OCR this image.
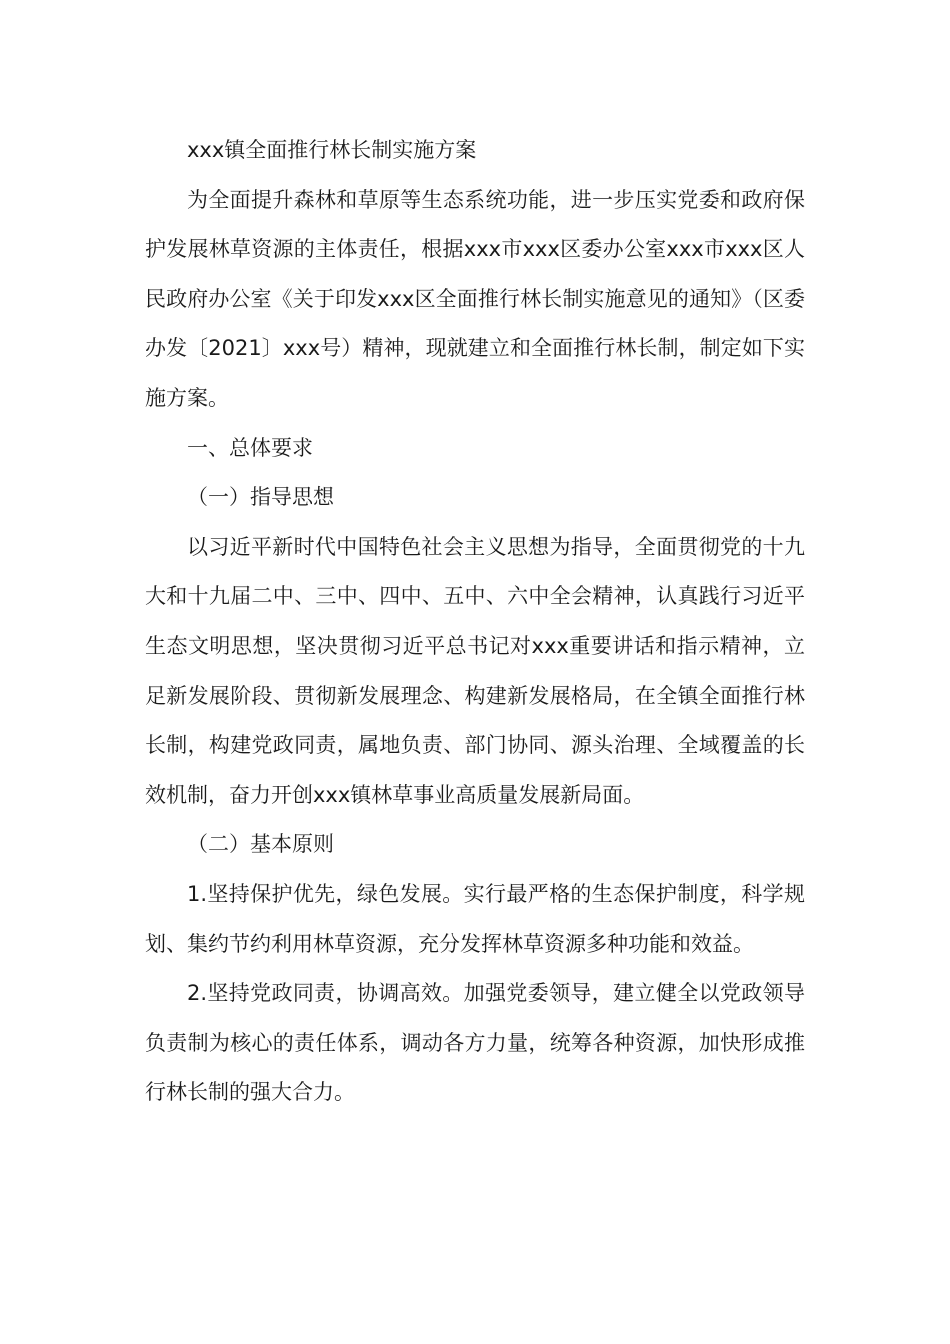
xxx镇全面推行林长制实施方案

为全面提升森林和草原等生态系统功能，进一步压实党委和政府保护发展林草资源的主体责任，根据xxx市xxx区委办公室xxx市xxx区人民政府办公室《关于印发xxx区全面推行林长制实施意见的通知》（区委办发〔2021〕xxx号）精神，现就建立和全面推行林长制，制定如下实施方案。

一、总体要求

（一）指导思想

以习近平新时代中国特色社会主义思想为指导，全面贯彻党的十九大和十九届二中、三中、四中、五中、六中全会精神，认真践行习近平生态文明思想，坚决贯彻习近平总书记对xxx重要讲话和指示精神，立足新发展阶段、贯彻新发展理念、构建新发展格局，在全镇全面推行林长制，构建党政同责，属地负责、部门协同、源头治理、全域覆盖的长效机制，奋力开创xxx镇林草事业高质量发展新局面。

（二）基本原则

1.坚持保护优先，绿色发展。实行最严格的生态保护制度，科学规划、集约节约利用林草资源，充分发挥林草资源多种功能和效益。

2.坚持党政同责，协调高效。加强党委领导，建立健全以党政领导负责制为核心的责任体系，调动各方力量，统筹各种资源，加快形成推行林长制的强大合力。
